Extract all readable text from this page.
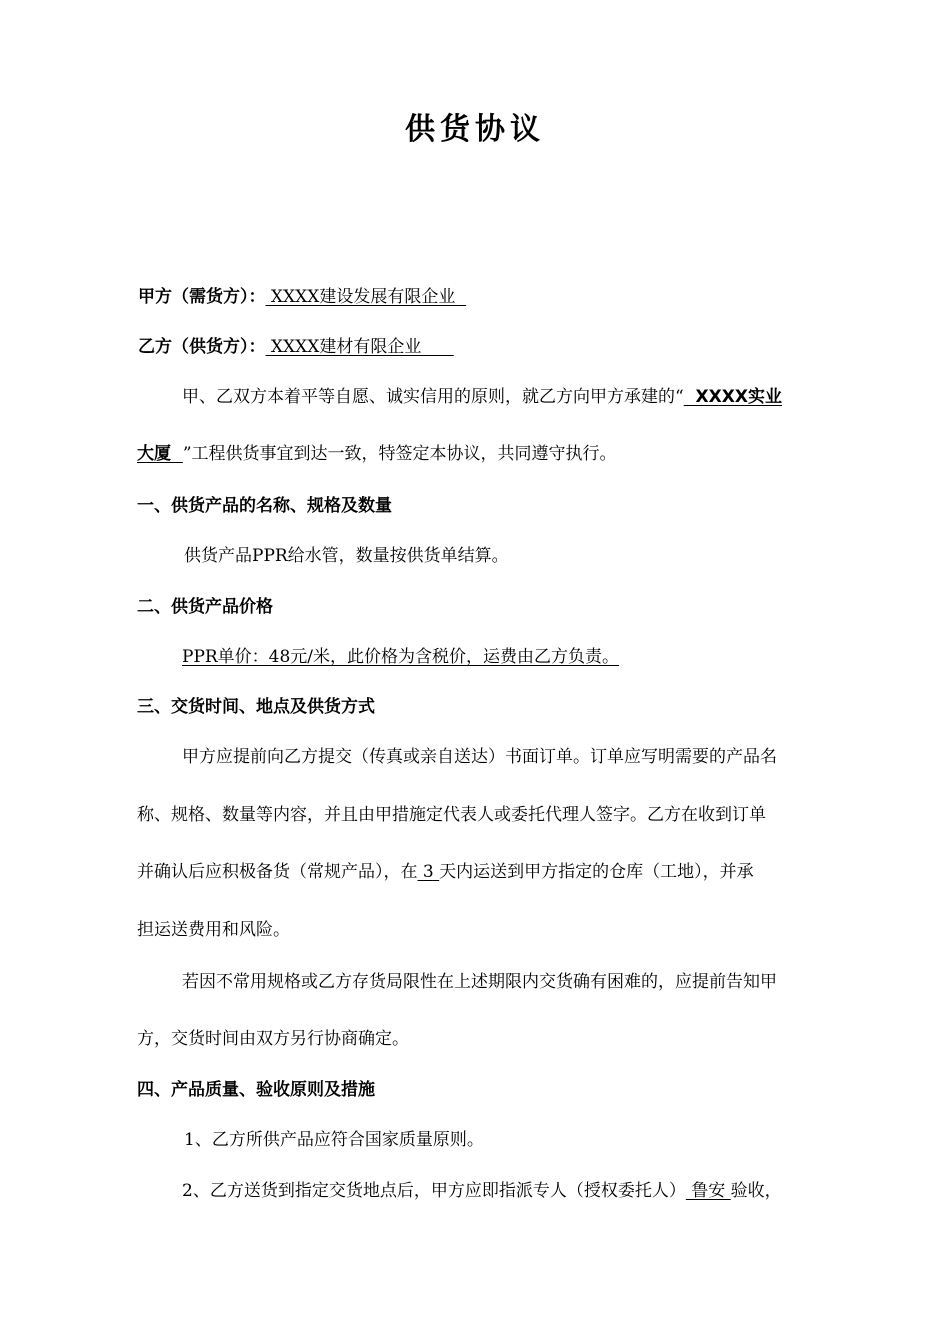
供货协议
甲方（需货方）： XXXX建设发展有限企业
乙方（供货方）： XXXX建材有限企业
甲、乙双方本着平等自愿、诚实信用的原则，就乙方向甲方承建的“  XXXX实业
大厦  ”工程供货事宜到达一致，特签定本协议，共同遵守执行。
一、供货产品的名称、规格及数量
供货产品PPR给水管，数量按供货单结算。
二、供货产品价格
PPR单价：48元/米，此价格为含税价，运费由乙方负责。
三、交货时间、地点及供货方式
甲方应提前向乙方提交（传真或亲自送达）书面订单。订单应写明需要的产品名
称、规格、数量等内容，并且由甲措施定代表人或委托代理人签字。乙方在收到订单
并确认后应积极备货（常规产品），在 3 天内运送到甲方指定的仓库（工地），并承
担运送费用和风险。
若因不常用规格或乙方存货局限性在上述期限内交货确有困难的，应提前告知甲
方，交货时间由双方另行协商确定。
四、产品质量、验收原则及措施
1、乙方所供产品应符合国家质量原则。
2、乙方送货到指定交货地点后，甲方应即指派专人（授权委托人） 鲁安 验收，
